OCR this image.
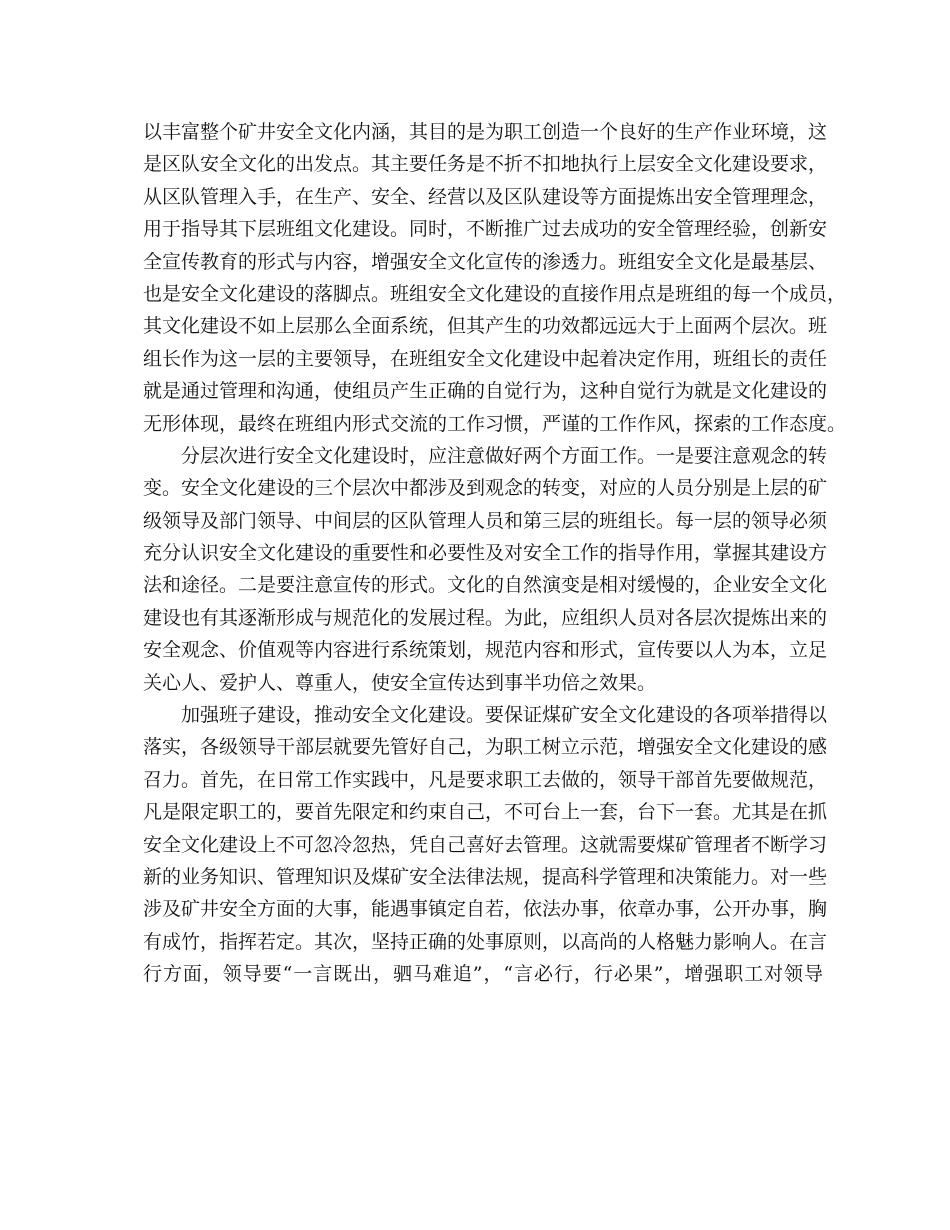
以丰富整个矿井安全文化内涵，其目的是为职工创造一个良好的生产作业环境，这
是区队安全文化的出发点。其主要任务是不折不扣地执行上层安全文化建设要求，
从区队管理入手，在生产、安全、经营以及区队建设等方面提炼出安全管理理念，
用于指导其下层班组文化建设。同时，不断推广过去成功的安全管理经验，创新安
全宣传教育的形式与内容，增强安全文化宣传的渗透力。班组安全文化是最基层、
也是安全文化建设的落脚点。班组安全文化建设的直接作用点是班组的每一个成员，
其文化建设不如上层那么全面系统，但其产生的功效都远远大于上面两个层次。班
组长作为这一层的主要领导，在班组安全文化建设中起着决定作用，班组长的责任
就是通过管理和沟通，使组员产生正确的自觉行为，这种自觉行为就是文化建设的
无形体现，最终在班组内形式交流的工作习惯，严谨的工作作风，探索的工作态度。
分层次进行安全文化建设时，应注意做好两个方面工作。一是要注意观念的转
变。安全文化建设的三个层次中都涉及到观念的转变，对应的人员分别是上层的矿
级领导及部门领导、中间层的区队管理人员和第三层的班组长。每一层的领导必须
充分认识安全文化建设的重要性和必要性及对安全工作的指导作用，掌握其建设方
法和途径。二是要注意宣传的形式。文化的自然演变是相对缓慢的，企业安全文化
建设也有其逐渐形成与规范化的发展过程。为此，应组织人员对各层次提炼出来的
安全观念、价值观等内容进行系统策划，规范内容和形式，宣传要以人为本，立足
关心人、爱护人、尊重人，使安全宣传达到事半功倍之效果。
加强班子建设，推动安全文化建设。要保证煤矿安全文化建设的各项举措得以
落实，各级领导干部层就要先管好自己，为职工树立示范，增强安全文化建设的感
召力。首先，在日常工作实践中，凡是要求职工去做的，领导干部首先要做规范，
凡是限定职工的，要首先限定和约束自己，不可台上一套，台下一套。尤其是在抓
安全文化建设上不可忽冷忽热，凭自己喜好去管理。这就需要煤矿管理者不断学习
新的业务知识、管理知识及煤矿安全法律法规，提高科学管理和决策能力。对一些
涉及矿井安全方面的大事，能遇事镇定自若，依法办事，依章办事，公开办事，胸
有成竹，指挥若定。其次，坚持正确的处事原则，以高尚的人格魅力影响人。在言
行方面，领导要“一言既出，驷马难追”，“言必行，行必果”，增强职工对领导
